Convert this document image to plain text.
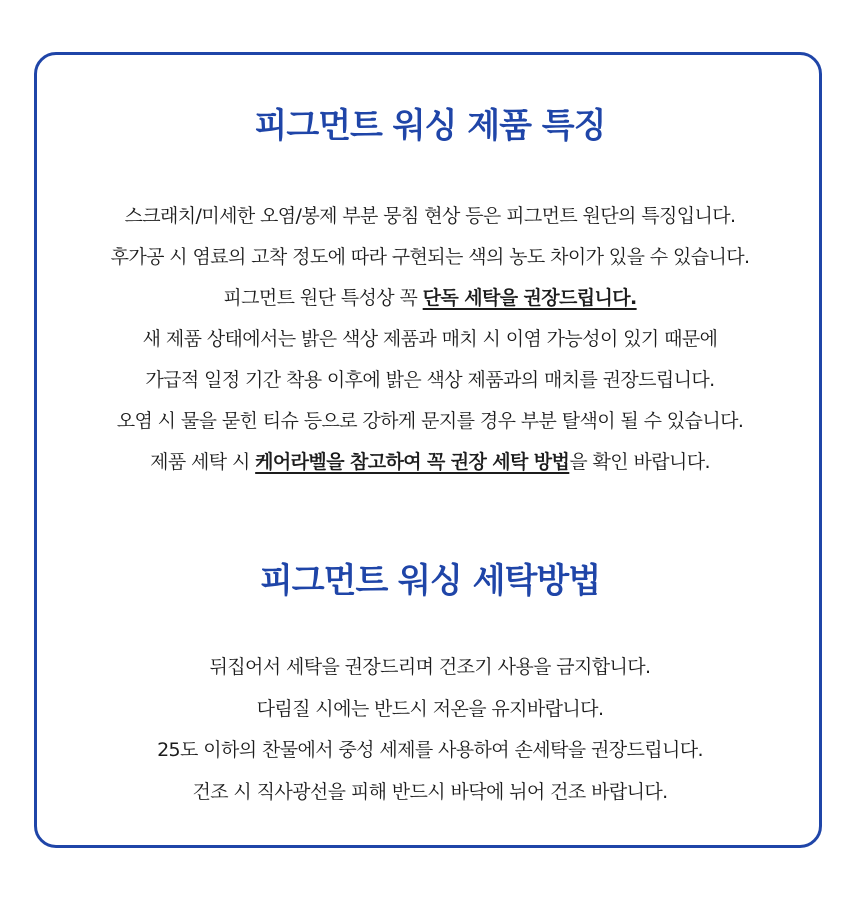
피그먼트 워싱 제품 특징
스크래치/미세한 오염/봉제 부분 뭉침 현상 등은 피그먼트 원단의 특징입니다.
후가공 시 염료의 고착 정도에 따라 구현되는 색의 농도 차이가 있을 수 있습니다.
피그먼트 원단 특성상 꼭 단독 세탁을 권장드립니다.
새 제품 상태에서는 밝은 색상 제품과 매치 시 이염 가능성이 있기 때문에
가급적 일정 기간 착용 이후에 밝은 색상 제품과의 매치를 권장드립니다.
오염 시 물을 묻힌 티슈 등으로 강하게 문지를 경우 부분 탈색이 될 수 있습니다.
제품 세탁 시 케어라벨을 참고하여 꼭 권장 세탁 방법을 확인 바랍니다.
피그먼트 워싱 세탁방법
뒤집어서 세탁을 권장드리며 건조기 사용을 금지합니다.
다림질 시에는 반드시 저온을 유지바랍니다.
25도 이하의 찬물에서 중성 세제를 사용하여 손세탁을 권장드립니다.
건조 시 직사광선을 피해 반드시 바닥에 뉘어 건조 바랍니다.
